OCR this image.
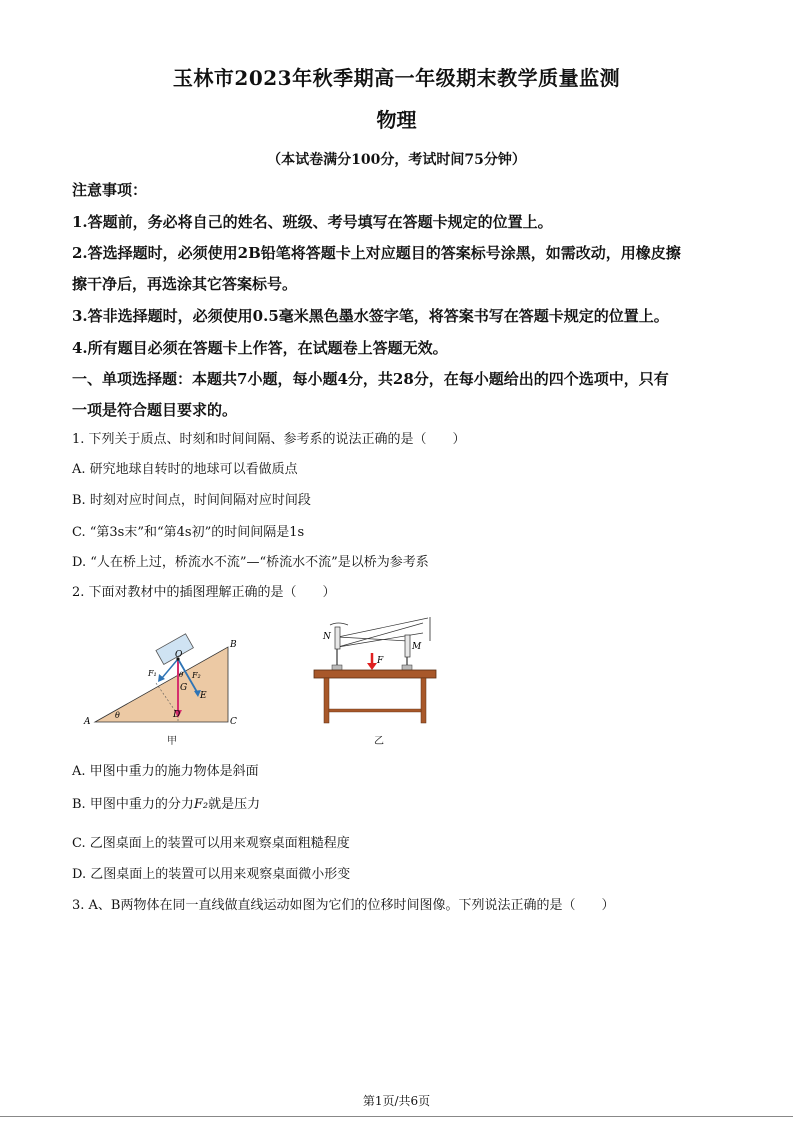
玉林市2023年秋季期高一年级期末教学质量监测
物理
（本试卷满分100分，考试时间75分钟）
注意事项：
1.答题前，务必将自己的姓名、班级、考号填写在答题卡规定的位置上。
2.答选择题时，必须使用2B铅笔将答题卡上对应题目的答案标号涂黑，如需改动，用橡皮擦
擦干净后，再选涂其它答案标号。
3.答非选择题时，必须使用0.5毫米黑色墨水签字笔，将答案书写在答题卡规定的位置上。
4.所有题目必须在答题卡上作答，在试题卷上答题无效。
一、单项选择题：本题共7小题，每小题4分，共28分，在每小题给出的四个选项中，只有
一项是符合题目要求的。
1. 下列关于质点、时刻和时间间隔、参考系的说法正确的是（　　）
A. 研究地球自转时的地球可以看做质点
B. 时刻对应时间点，时间间隔对应时间段
C. “第3s末”和“第4s初”的时间间隔是1s
D. “人在桥上过，桥流水不流”—“桥流水不流”是以桥为参考系
2. 下面对教材中的插图理解正确的是（　　）
A
B
C
D
E
O
G
F₁	F₂
θ
θ
甲
N
M
F
乙
A. 甲图中重力的施力物体是斜面
B. 甲图中重力的分力F₂就是压力
C. 乙图桌面上的装置可以用来观察桌面粗糙程度
D. 乙图桌面上的装置可以用来观察桌面微小形变
3. A、B两物体在同一直线做直线运动如图为它们的位移时间图像。下列说法正确的是（　　）
第1页/共6页
